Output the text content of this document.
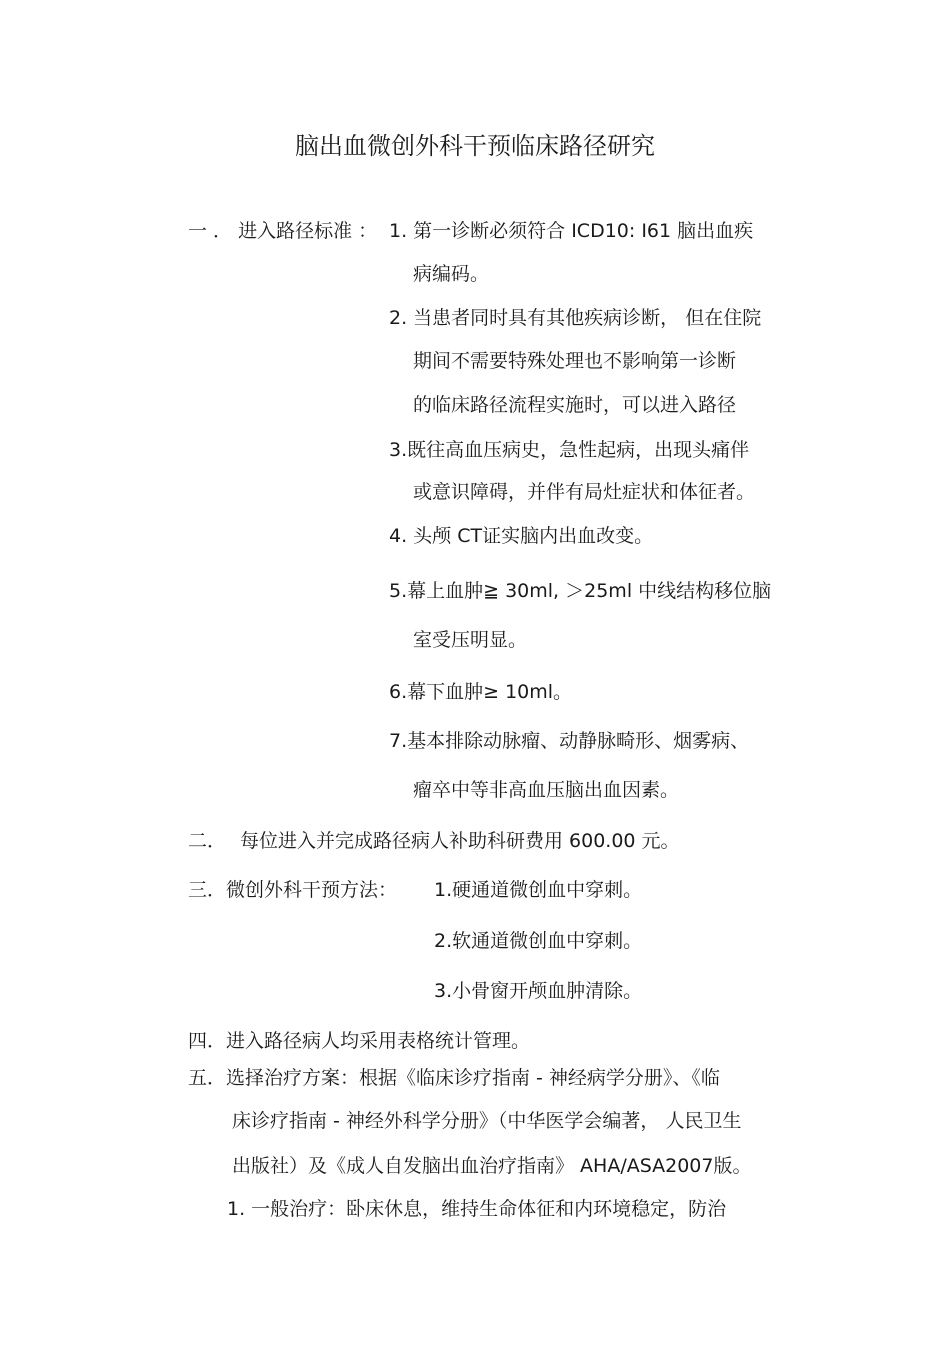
脑出血微创外科干预临床路径研究
一 ． 进入路径标准 ： 1. 第一诊断必须符合 ICD10: I61 脑出血疾
病编码。
2. 当患者同时具有其他疾病诊断， 但在住院
期间不需要特殊处理也不影响第一诊断
的临床路径流程实施时，可以进入路径
3.既往高血压病史，急性起病，出现头痛伴
或意识障碍，并伴有局灶症状和体征者。
4. 头颅 CT证实脑内出血改变。
5.幕上血肿≧ 30ml, ＞25ml 中线结构移位脑
室受压明显。
6.幕下血肿≥ 10ml。
7.基本排除动脉瘤、动静脉畸形、烟雾病、
瘤卒中等非高血压脑出血因素。
二． 每位进入并完成路径病人补助科研费用 600.00 元。
三．微创外科干预方法： 1.硬通道微创血中穿刺。
2.软通道微创血中穿刺。
3.小骨窗开颅血肿清除。
四．进入路径病人均采用表格统计管理。
五．选择治疗方案：根据《临床诊疗指南 - 神经病学分册》、《临
床诊疗指南 - 神经外科学分册》（中华医学会编著， 人民卫生
出版社）及《成人自发脑出血治疗指南》 AHA/ASA2007版。
1. 一般治疗：卧床休息，维持生命体征和内环境稳定，防治
